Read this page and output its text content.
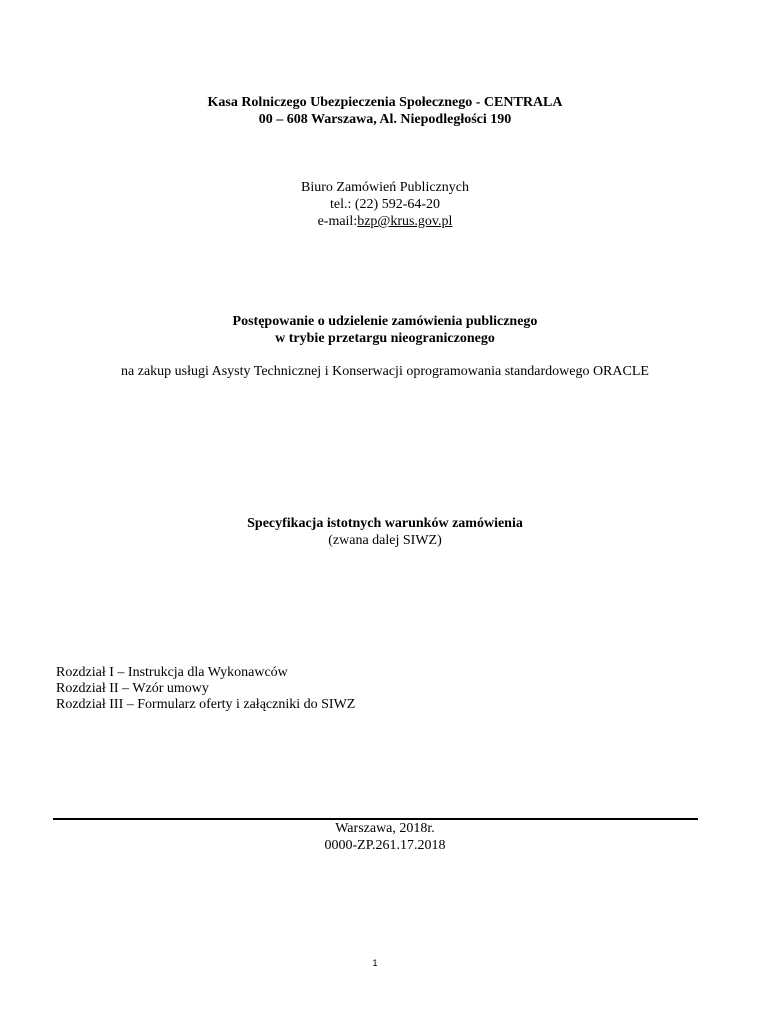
Kasa Rolniczego Ubezpieczenia Społecznego - CENTRALA
00 – 608 Warszawa, Al. Niepodległości 190
Biuro Zamówień Publicznych
tel.: (22) 592-64-20
e-mail:bzp@krus.gov.pl
Postępowanie o udzielenie zamówienia publicznego
w trybie przetargu nieograniczonego
na zakup usługi Asysty Technicznej i Konserwacji oprogramowania standardowego ORACLE
Specyfikacja istotnych warunków zamówienia
(zwana dalej SIWZ)
Rozdział I – Instrukcja dla Wykonawców
Rozdział II – Wzór umowy
Rozdział III – Formularz oferty i załączniki do SIWZ
Warszawa, 2018r.
0000-ZP.261.17.2018
1
